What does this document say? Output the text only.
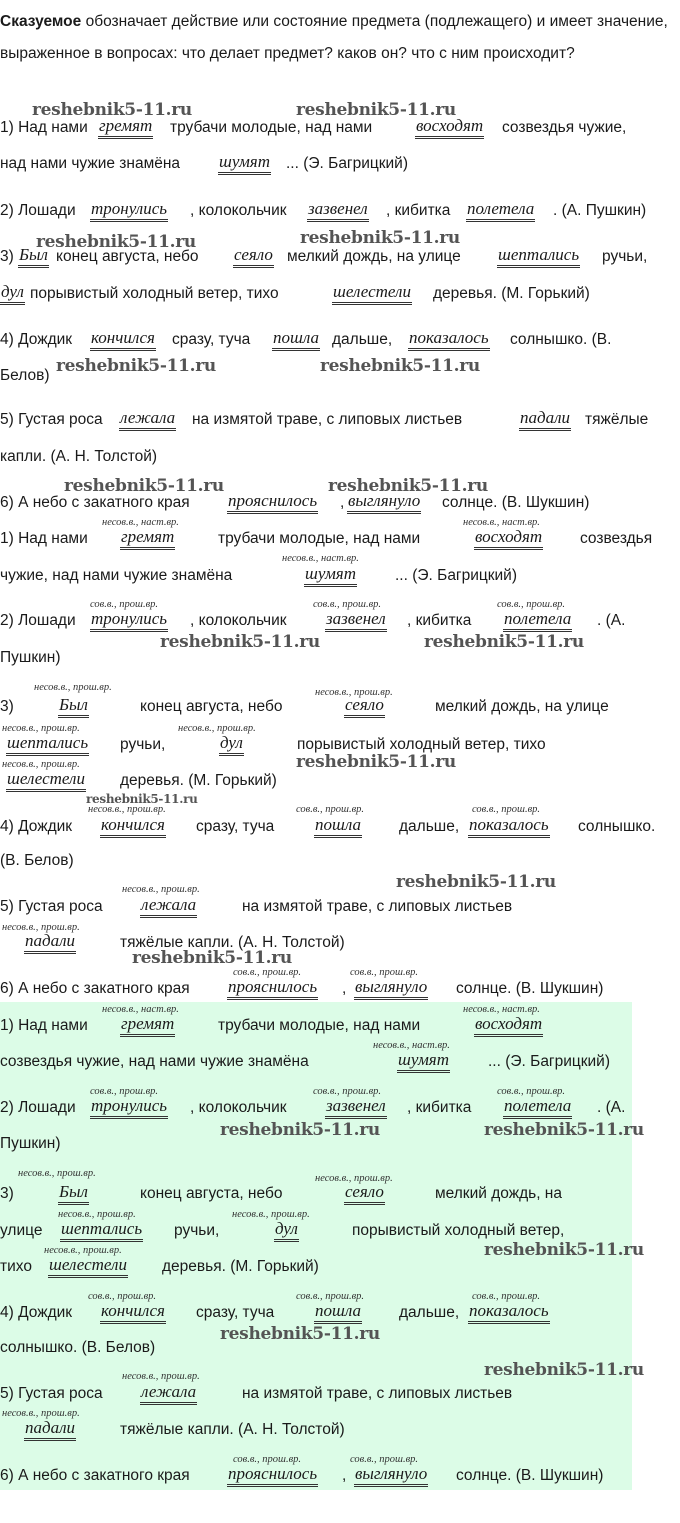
Сказуемое обозначает действие или состояние предмета (подлежащего) и имеет значение, выраженное в вопросах: что делает предмет? каков он? что с ним происходит?
1) Над нами гремят трубачи молодые, над нами	восходят созвездья чужие,
над нами чужие знамёна шумят ... (Э. Багрицкий)
2) Лошади тронулись , колокольчик зазвенел , кибитка полетела . (А. Пушкин)
3) Был конец августа, небо сеяло мелкий дождь, на улице шептались ручьи,
дул порывистый холодный ветер, тихо	шелестели деревья. (М. Горький)
4) Дождик кончился сразу, туча пошла дальше, показалось солнышко. (В.
Белов)
5) Густая роса лежала на измятой траве, с липовых листьев	падали тяжёлые
капли. (А. Н. Толстой)
6) А небо с закатного края прояснилось , выглянуло солнце. (В. Шукшин)
1) Над нами
несов.в., наст.вр.
гремят	трубачи молодые, над нами
несов.в., наст.вр.
восходят созвездья
чужие, над нами чужие знамёна
несов.в., наст.вр.
шумят	... (Э. Багрицкий)
2) Лошади
сов.в., прош.вр.
тронулись , колокольчик
сов.в., прош.вр.
зазвенел , кибитка
сов.в., прош.вр.
полетела . (А.
Пушкин)
несов.в., прош.вр.
3)	Был	конец августа, небо
несов.в., прош.вр.
сеяло	мелкий дождь, на улице
несов.в., прош.вр.
шептались ручьи,
несов.в., прош.вр.
дул	порывистый холодный ветер, тихо
несов.в., прош.вр.
шелестели деревья. (М. Горький)
4) Дождик
несов.в., прош.вр.
кончился сразу, туча
сов.в., прош.вр.
пошла дальше,
сов.в., прош.вр.
показалось солнышко.
(В. Белов)
5) Густая роса
несов.в., прош.вр.
лежала	на измятой траве, с липовых листьев
несов.в., прош.вр.
падали	тяжёлые капли. (А. Н. Толстой)
6) А небо с закатного края
сов.в., прош.вр.
прояснилось ,
сов.в., прош.вр.
выглянуло солнце. (В. Шукшин)
1) Над нами
несов.в., наст.вр.
гремят	трубачи молодые, над нами
несов.в., наст.вр.
восходят
созвездья чужие, над нами чужие знамёна
несов.в., наст.вр.
шумят	... (Э. Багрицкий)
2) Лошади
сов.в., прош.вр.
тронулись , колокольчик
сов.в., прош.вр.
зазвенел , кибитка
сов.в., прош.вр.
полетела . (А.
Пушкин)
несов.в., прош.вр.
3)	Был	конец августа, небо
несов.в., прош.вр.
сеяло	мелкий дождь, на
улице
несов.в., прош.вр.
шептались ручьи,
несов.в., прош.вр.
дул	порывистый холодный ветер,
тихо
несов.в., прош.вр.
шелестели деревья. (М. Горький)
4) Дождик
сов.в., прош.вр.
кончился сразу, туча
сов.в., прош.вр.
пошла дальше,
сов.в., прош.вр.
показалось
солнышко. (В. Белов)
5) Густая роса
несов.в., прош.вр.
лежала	на измятой траве, с липовых листьев
несов.в., прош.вр.
падали	тяжёлые капли. (А. Н. Толстой)
6) А небо с закатного края
сов.в., прош.вр.
прояснилось ,
сов.в., прош.вр.
выглянуло солнце. (В. Шукшин)
reshebnik5-11.ru	reshebnik5-11.ru
reshebnik5-11.ru	reshebnik5-11.ru
reshebnik5-11.ru	reshebnik5-11.ru
reshebnik5-11.ru	reshebnik5-11.ru
reshebnik5-11.ru	reshebnik5-11.ru
reshebnik5-11.ru
reshebnik5-11.ru
reshebnik5-11.ru
reshebnik5-11.ru
reshebnik5-11.ru	reshebnik5-11.ru
reshebnik5-11.ru
reshebnik5-11.ru
reshebnik5-11.ru
